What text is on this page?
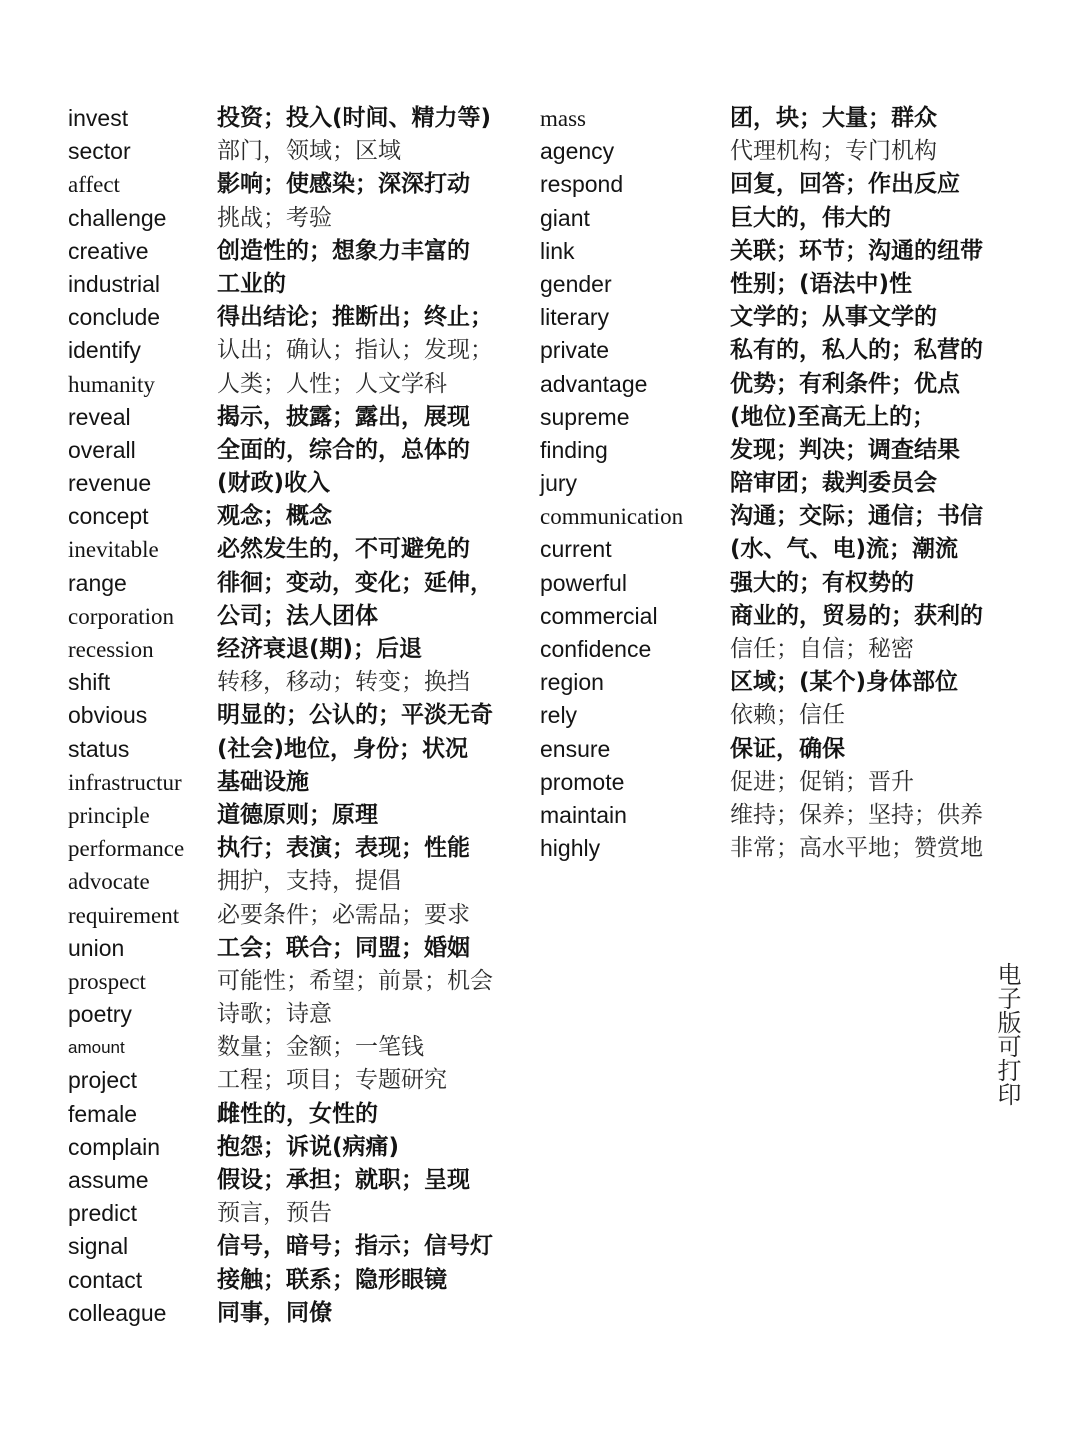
invest
sector
affect
challenge
creative
industrial
conclude
identify
humanity
reveal
overall
revenue
concept
inevitable
range
corporation
recession
shift
obvious
status
infrastructur
principle
performance
advocate
requirement
union
prospect
poetry
amount
project
female
complain
assume
predict
signal
contact
colleague
投资；投入(时间、精力等)
部门，领域；区域
影响；使感染；深深打动
挑战；考验
创造性的；想象力丰富的
工业的
得出结论；推断出；终止；
认出；确认；指认；发现；
人类；人性；人文学科
揭示，披露；露出，展现
全面的，综合的，总体的
(财政)收入
观念；概念
必然发生的，不可避免的
徘徊；变动，变化；延伸，
公司；法人团体
经济衰退(期)；后退
转移，移动；转变；换挡
明显的；公认的；平淡无奇
(社会)地位，身份；状况
基础设施
道德原则；原理
执行；表演；表现；性能
拥护，支持，提倡
必要条件；必需品；要求
工会；联合；同盟；婚姻
可能性；希望；前景；机会
诗歌；诗意
数量；金额；一笔钱
工程；项目；专题研究
雌性的，女性的
抱怨；诉说(病痛)
假设；承担；就职；呈现
预言，预告
信号，暗号；指示；信号灯
接触；联系；隐形眼镜
同事，同僚
mass
agency
respond
giant
link
gender
literary
private
advantage
supreme
finding
jury
communication
current
powerful
commercial
confidence
region
rely
ensure
promote
maintain
highly
团，块；大量；群众
代理机构；专门机构
回复，回答；作出反应
巨大的，伟大的
关联；环节；沟通的纽带
性别；(语法中)性
文学的；从事文学的
私有的，私人的；私营的
优势；有利条件；优点
(地位)至高无上的；
发现；判决；调查结果
陪审团；裁判委员会
沟通；交际；通信；书信
(水、气、电)流；潮流
强大的；有权势的
商业的，贸易的；获利的
信任；自信；秘密
区域；(某个)身体部位
依赖；信任
保证，确保
促进；促销；晋升
维持；保养；坚持；供养
非常；高水平地；赞赏地
电子版可打印
